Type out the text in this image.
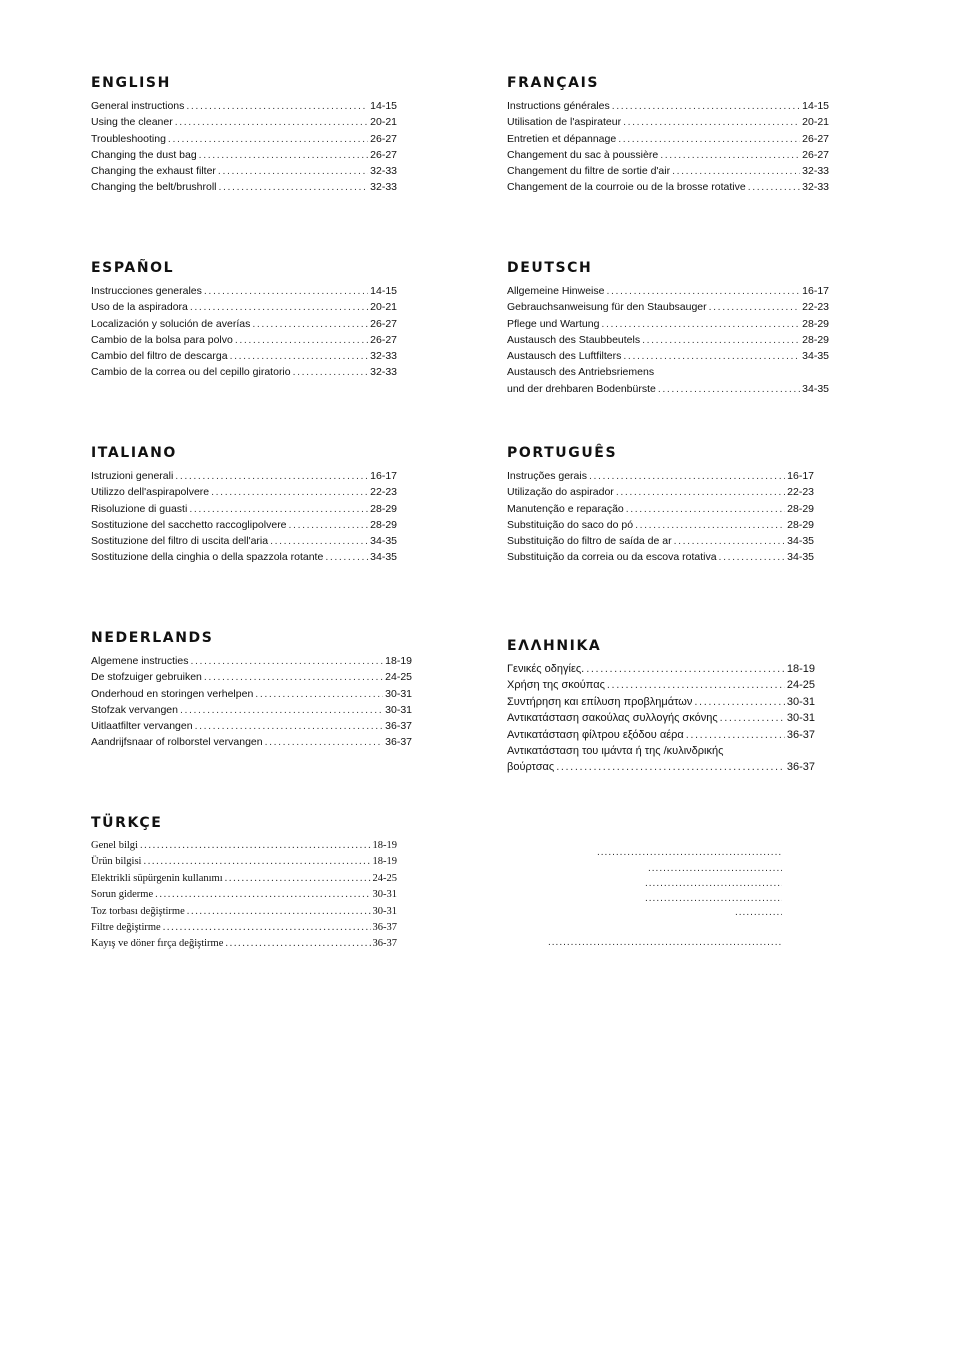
ENGLISH
General instructions .....	14-15
Using the cleaner .....	20-21
Troubleshooting .....	26-27
Changing the dust bag .....	26-27
Changing the exhaust filter .....	32-33
Changing the belt/brushroll .....	32-33
FRANÇAIS
Instructions générales .....	14-15
Utilisation de l'aspirateur .....	20-21
Entretien et dépannage .....	26-27
Changement du sac à poussière .....	26-27
Changement du filtre de sortie d'air .....	32-33
Changement de la courroie ou de la brosse rotative .....	32-33
ESPAÑOL
Instrucciones generales .....	14-15
Uso de la aspiradora .....	20-21
Localización y solución de averías .....	26-27
Cambio de la bolsa para polvo .....	26-27
Cambio del filtro de descarga .....	32-33
Cambio de la correa ou del cepillo giratorio .....	32-33
DEUTSCH
Allgemeine Hinweise .....	16-17
Gebrauchsanweisung für den Staubsauger .....	22-23
Pflege und Wartung .....	28-29
Austausch des Staubbeutels .....	28-29
Austausch des Luftfilters .....	34-35
Austausch des Antriebsriemens
und der drehbaren Bodenbürste .....	34-35
ITALIANO
Istruzioni generali .....	16-17
Utilizzo dell'aspirapolvere .....	22-23
Risoluzione di guasti .....	28-29
Sostituzione del sacchetto raccoglipolvere .....	28-29
Sostituzione del filtro di uscita dell'aria .....	34-35
Sostituzione della cinghia o della spazzola rotante .....	34-35
PORTUGUÊS
Instruções gerais .....	16-17
Utilização do aspirador .....	22-23
Manutenção e reparação .....	28-29
Substituição do saco do pó .....	28-29
Substituição do filtro de saída de ar .....	34-35
Substituição da correia ou da escova rotativa .....	34-35
NEDERLANDS
Algemene instructies .....	18-19
De stofzuiger gebruiken .....	24-25
Onderhoud en storingen verhelpen .....	30-31
Stofzak vervangen .....	30-31
Uitlaatfilter vervangen .....	36-37
Aandrijfsnaar of rolborstel vervangen .....	36-37
ΕΛΛΗΝΙΚΑ
Γενικές οδηγίες. .....	18-19
Χρήση της σκούπας .....	24-25
Συντήρηση και επίλυση προβλημάτων .....	30-31
Αντικατάσταση σακούλας συλλογής σκόνης .....	30-31
Αντικατάσταση φίλτρου εξόδου αέρα .....	36-37
Αντικατάσταση του ιμάντα ή της /κυλινδρικής
βούρτσας .....	36-37
TÜRKÇE
Genel bilgi .....	18-19
Ürün bilgisi .....	18-19
Elektrikli süpürgenin kullanımı .....	24-25
Sorun giderme .....	30-31
Toz torbası değiştirme .....	30-31
Filtre değiştirme .....	36-37
Kayış ve döner fırça değiştirme .....	36-37
.....
.....
.....
.....
.....
.....
